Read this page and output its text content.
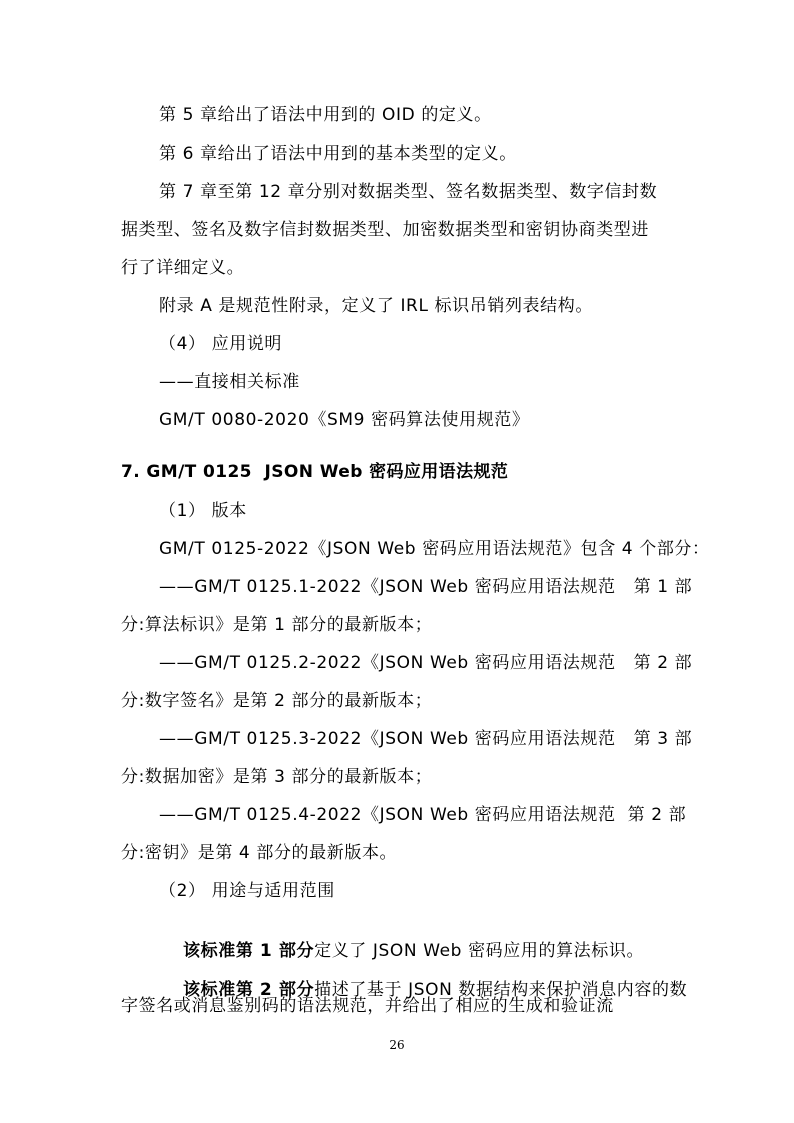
第 5 章给出了语法中用到的 OID 的定义。
第 6 章给出了语法中用到的基本类型的定义。
第 7 章至第 12 章分别对数据类型、签名数据类型、数字信封数
据类型、签名及数字信封数据类型、加密数据类型和密钥协商类型进
行了详细定义。
附录 A 是规范性附录，定义了 IRL 标识吊销列表结构。
（4） 应用说明
——直接相关标准
GM/T 0080-2020《SM9 密码算法使用规范》
7. GM/T 0125  JSON Web 密码应用语法规范
（1） 版本
GM/T 0125-2022《JSON Web 密码应用语法规范》包含 4 个部分：
——GM/T 0125.1-2022《JSON Web 密码应用语法规范   第 1 部
分:算法标识》是第 1 部分的最新版本；
——GM/T 0125.2-2022《JSON Web 密码应用语法规范   第 2 部
分:数字签名》是第 2 部分的最新版本；
——GM/T 0125.3-2022《JSON Web 密码应用语法规范   第 3 部
分:数据加密》是第 3 部分的最新版本；
——GM/T 0125.4-2022《JSON Web 密码应用语法规范  第 2 部
分:密钥》是第 4 部分的最新版本。
（2） 用途与适用范围

该标准第 1 部分定义了 JSON Web 密码应用的算法标识。

该标准第 2 部分描述了基于 JSON 数据结构来保护消息内容的数

字签名或消息鉴别码的语法规范，并给出了相应的生成和验证流
26
